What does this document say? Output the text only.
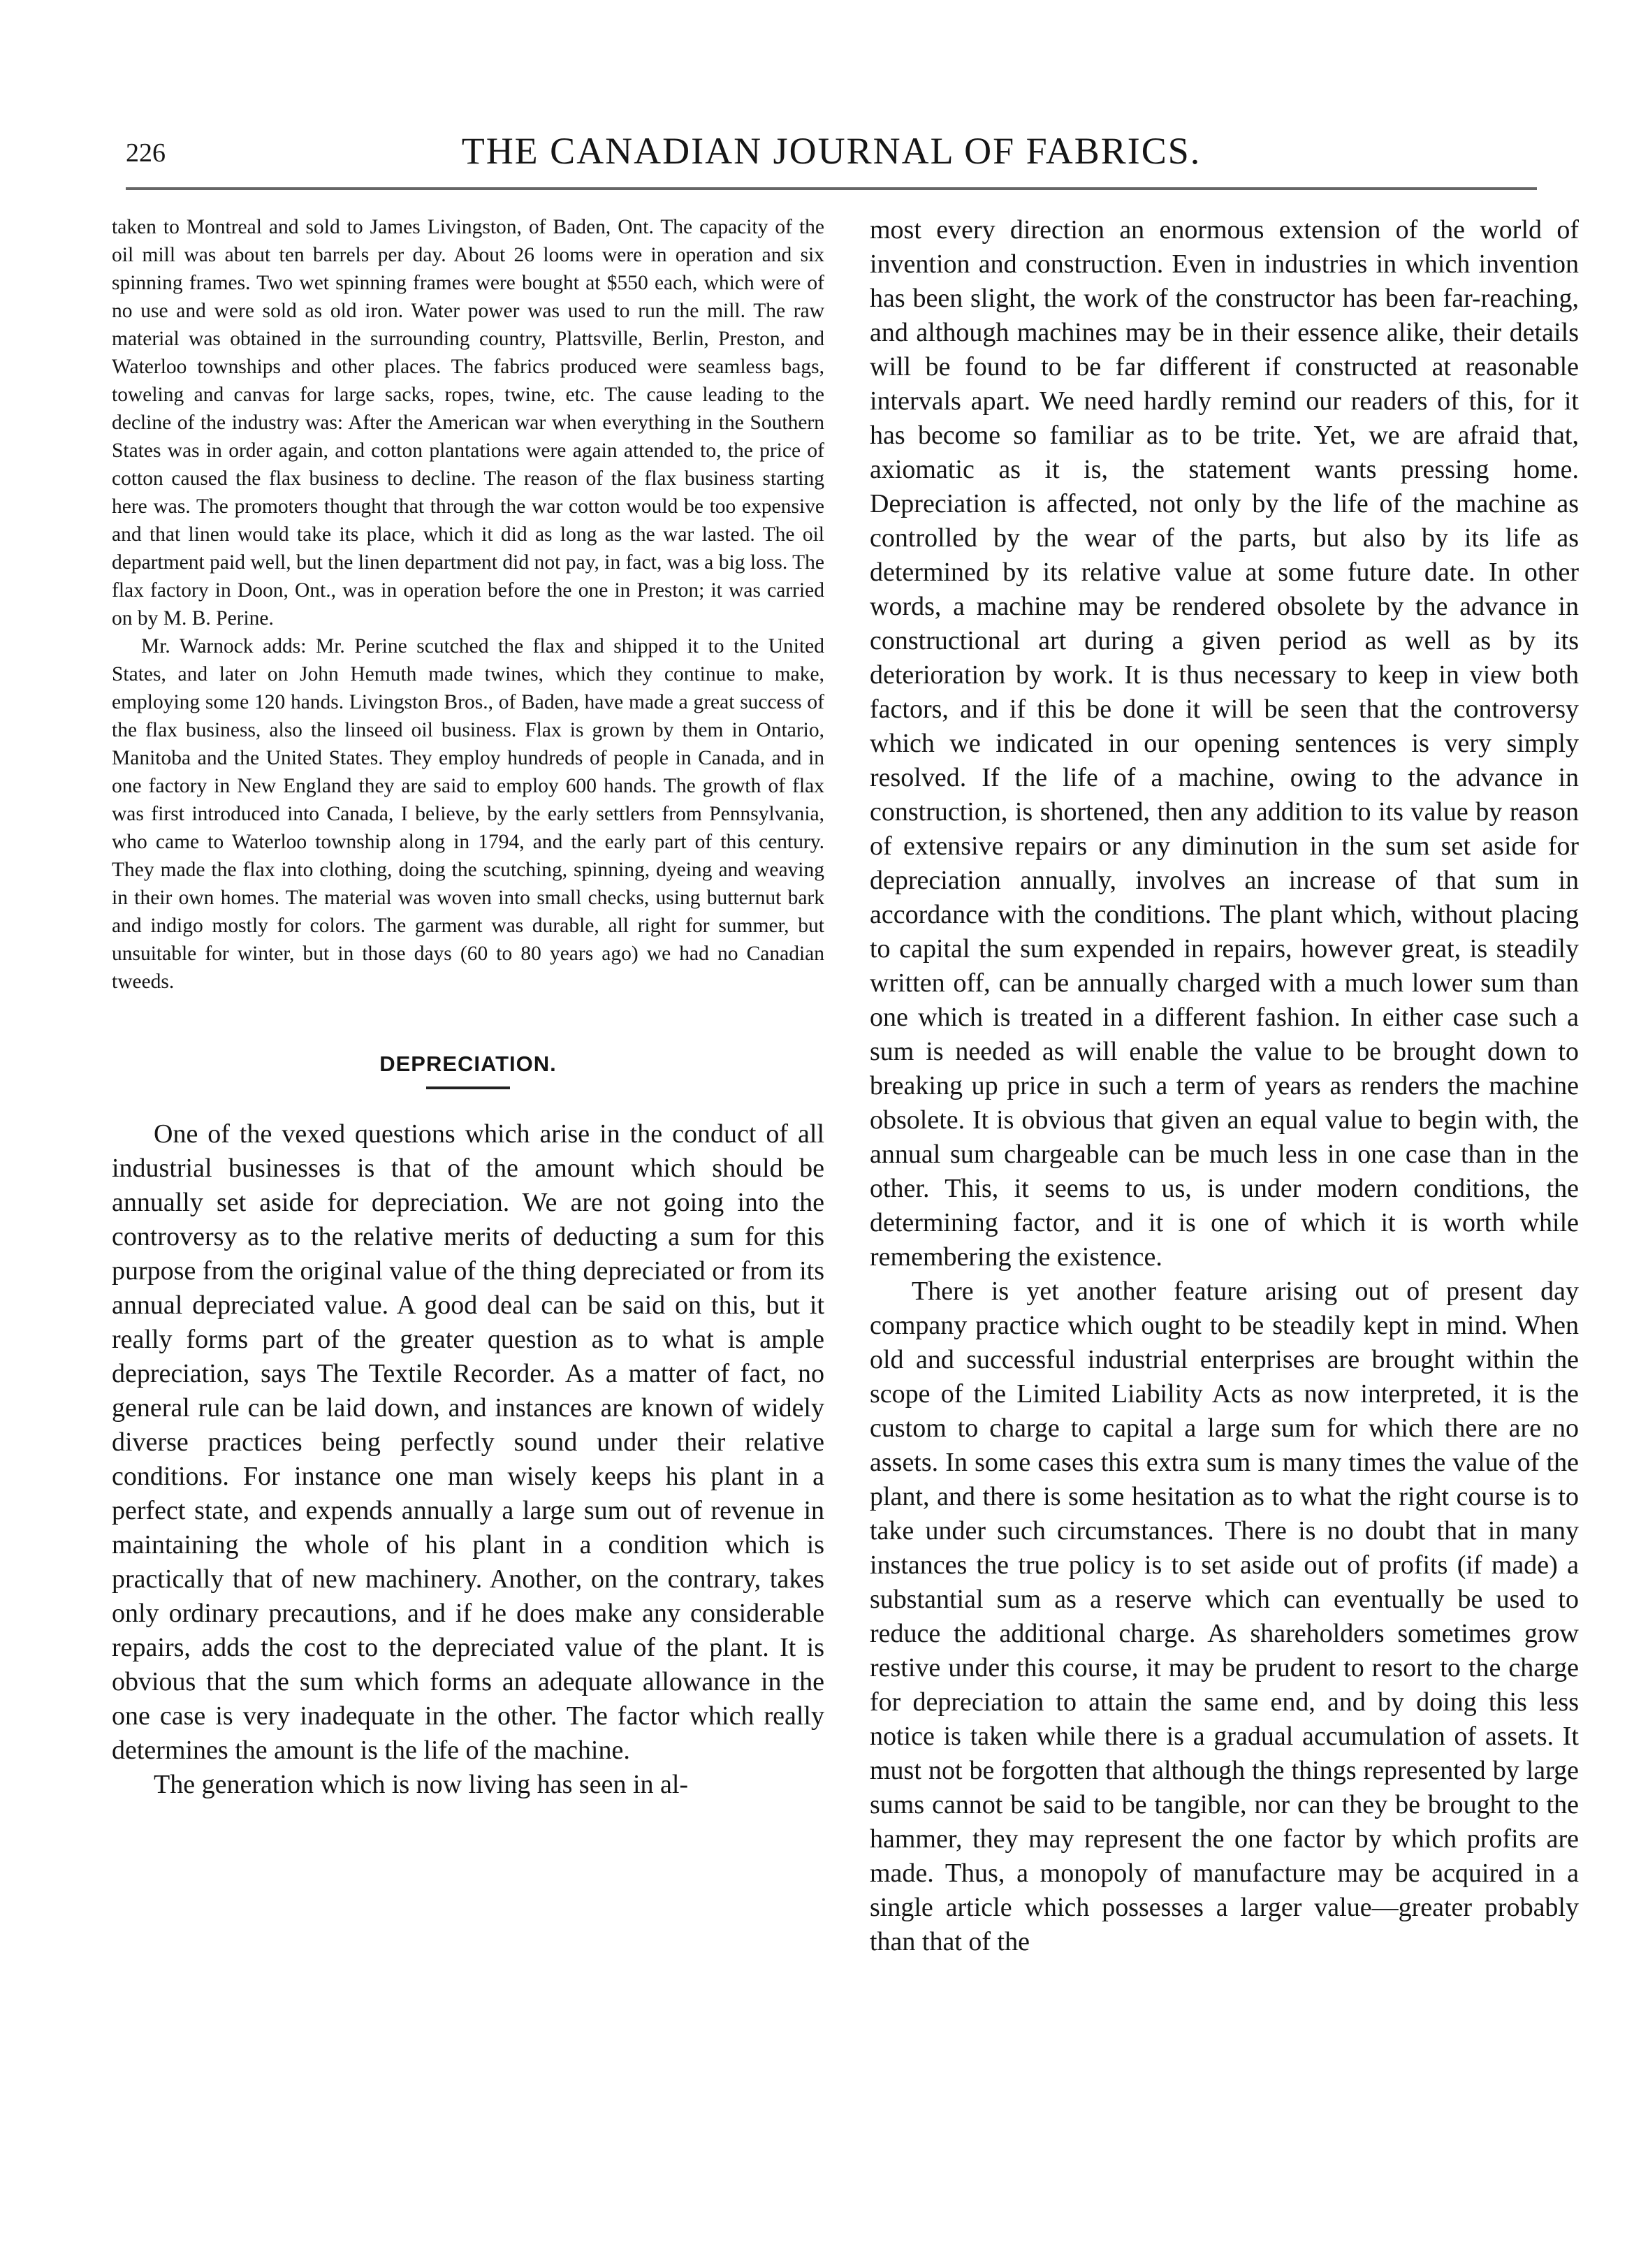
226	THE CANADIAN JOURNAL OF FABRICS.

taken to Montreal and sold to James Livingston, of Baden, Ont. The capacity of the oil mill was about ten barrels per day. About 26 looms were in operation and six spinning frames. Two wet spinning frames were bought at $550 each, which were of no use and were sold as old iron. Water power was used to run the mill. The raw material was obtained in the surrounding country, Plattsville, Berlin, Preston, and Waterloo townships and other places. The fabrics produced were seamless bags, toweling and canvas for large sacks, ropes, twine, etc. The cause leading to the decline of the industry was: After the American war when everything in the Southern States was in order again, and cotton plantations were again attended to, the price of cotton caused the flax business to decline. The reason of the flax business starting here was. The promoters thought that through the war cotton would be too expensive and that linen would take its place, which it did as long as the war lasted. The oil department paid well, but the linen department did not pay, in fact, was a big loss. The flax factory in Doon, Ont., was in operation before the one in Preston; it was carried on by M. B. Perine.

Mr. Warnock adds: Mr. Perine scutched the flax and shipped it to the United States, and later on John Hemuth made twines, which they continue to make, employing some 120 hands. Livingston Bros., of Baden, have made a great success of the flax business, also the linseed oil business. Flax is grown by them in Ontario, Manitoba and the United States. They employ hundreds of people in Canada, and in one factory in New England they are said to employ 600 hands. The growth of flax was first introduced into Canada, I believe, by the early settlers from Pennsylvania, who came to Waterloo township along in 1794, and the early part of this century. They made the flax into clothing, doing the scutching, spinning, dyeing and weaving in their own homes. The material was woven into small checks, using butternut bark and indigo mostly for colors. The garment was durable, all right for summer, but unsuitable for winter, but in those days (60 to 80 years ago) we had no Canadian tweeds.

DEPRECIATION.

One of the vexed questions which arise in the conduct of all industrial businesses is that of the amount which should be annually set aside for depreciation. We are not going into the controversy as to the relative merits of deducting a sum for this purpose from the original value of the thing depreciated or from its annual depreciated value. A good deal can be said on this, but it really forms part of the greater question as to what is ample depreciation, says The Textile Recorder. As a matter of fact, no general rule can be laid down, and instances are known of widely diverse practices being perfectly sound under their relative conditions. For instance one man wisely keeps his plant in a perfect state, and expends annually a large sum out of revenue in maintaining the whole of his plant in a condition which is practically that of new machinery. Another, on the contrary, takes only ordinary precautions, and if he does make any considerable repairs, adds the cost to the depreciated value of the plant. It is obvious that the sum which forms an adequate allowance in the one case is very inadequate in the other. The factor which really determines the amount is the life of the machine.

The generation which is now living has seen in al-

most every direction an enormous extension of the world of invention and construction. Even in industries in which invention has been slight, the work of the constructor has been far-reaching, and although machines may be in their essence alike, their details will be found to be far different if constructed at reasonable intervals apart. We need hardly remind our readers of this, for it has become so familiar as to be trite. Yet, we are afraid that, axiomatic as it is, the statement wants pressing home. Depreciation is affected, not only by the life of the machine as controlled by the wear of the parts, but also by its life as determined by its relative value at some future date. In other words, a machine may be rendered obsolete by the advance in constructional art during a given period as well as by its deterioration by work. It is thus necessary to keep in view both factors, and if this be done it will be seen that the controversy which we indicated in our opening sentences is very simply resolved. If the life of a machine, owing to the advance in construction, is shortened, then any addition to its value by reason of extensive repairs or any diminution in the sum set aside for depreciation annually, involves an increase of that sum in accordance with the conditions. The plant which, without placing to capital the sum expended in repairs, however great, is steadily written off, can be annually charged with a much lower sum than one which is treated in a different fashion. In either case such a sum is needed as will enable the value to be brought down to breaking up price in such a term of years as renders the machine obsolete. It is obvious that given an equal value to begin with, the annual sum chargeable can be much less in one case than in the other. This, it seems to us, is under modern conditions, the determining factor, and it is one of which it is worth while remembering the existence.

There is yet another feature arising out of present day company practice which ought to be steadily kept in mind. When old and successful industrial enterprises are brought within the scope of the Limited Liability Acts as now interpreted, it is the custom to charge to capital a large sum for which there are no assets. In some cases this extra sum is many times the value of the plant, and there is some hesitation as to what the right course is to take under such circumstances. There is no doubt that in many instances the true policy is to set aside out of profits (if made) a substantial sum as a reserve which can eventually be used to reduce the additional charge. As shareholders sometimes grow restive under this course, it may be prudent to resort to the charge for depreciation to attain the same end, and by doing this less notice is taken while there is a gradual accumulation of assets. It must not be forgotten that although the things represented by large sums cannot be said to be tangible, nor can they be brought to the hammer, they may represent the one factor by which profits are made. Thus, a monopoly of manufacture may be acquired in a single article which possesses a larger value—greater probably than that of the
